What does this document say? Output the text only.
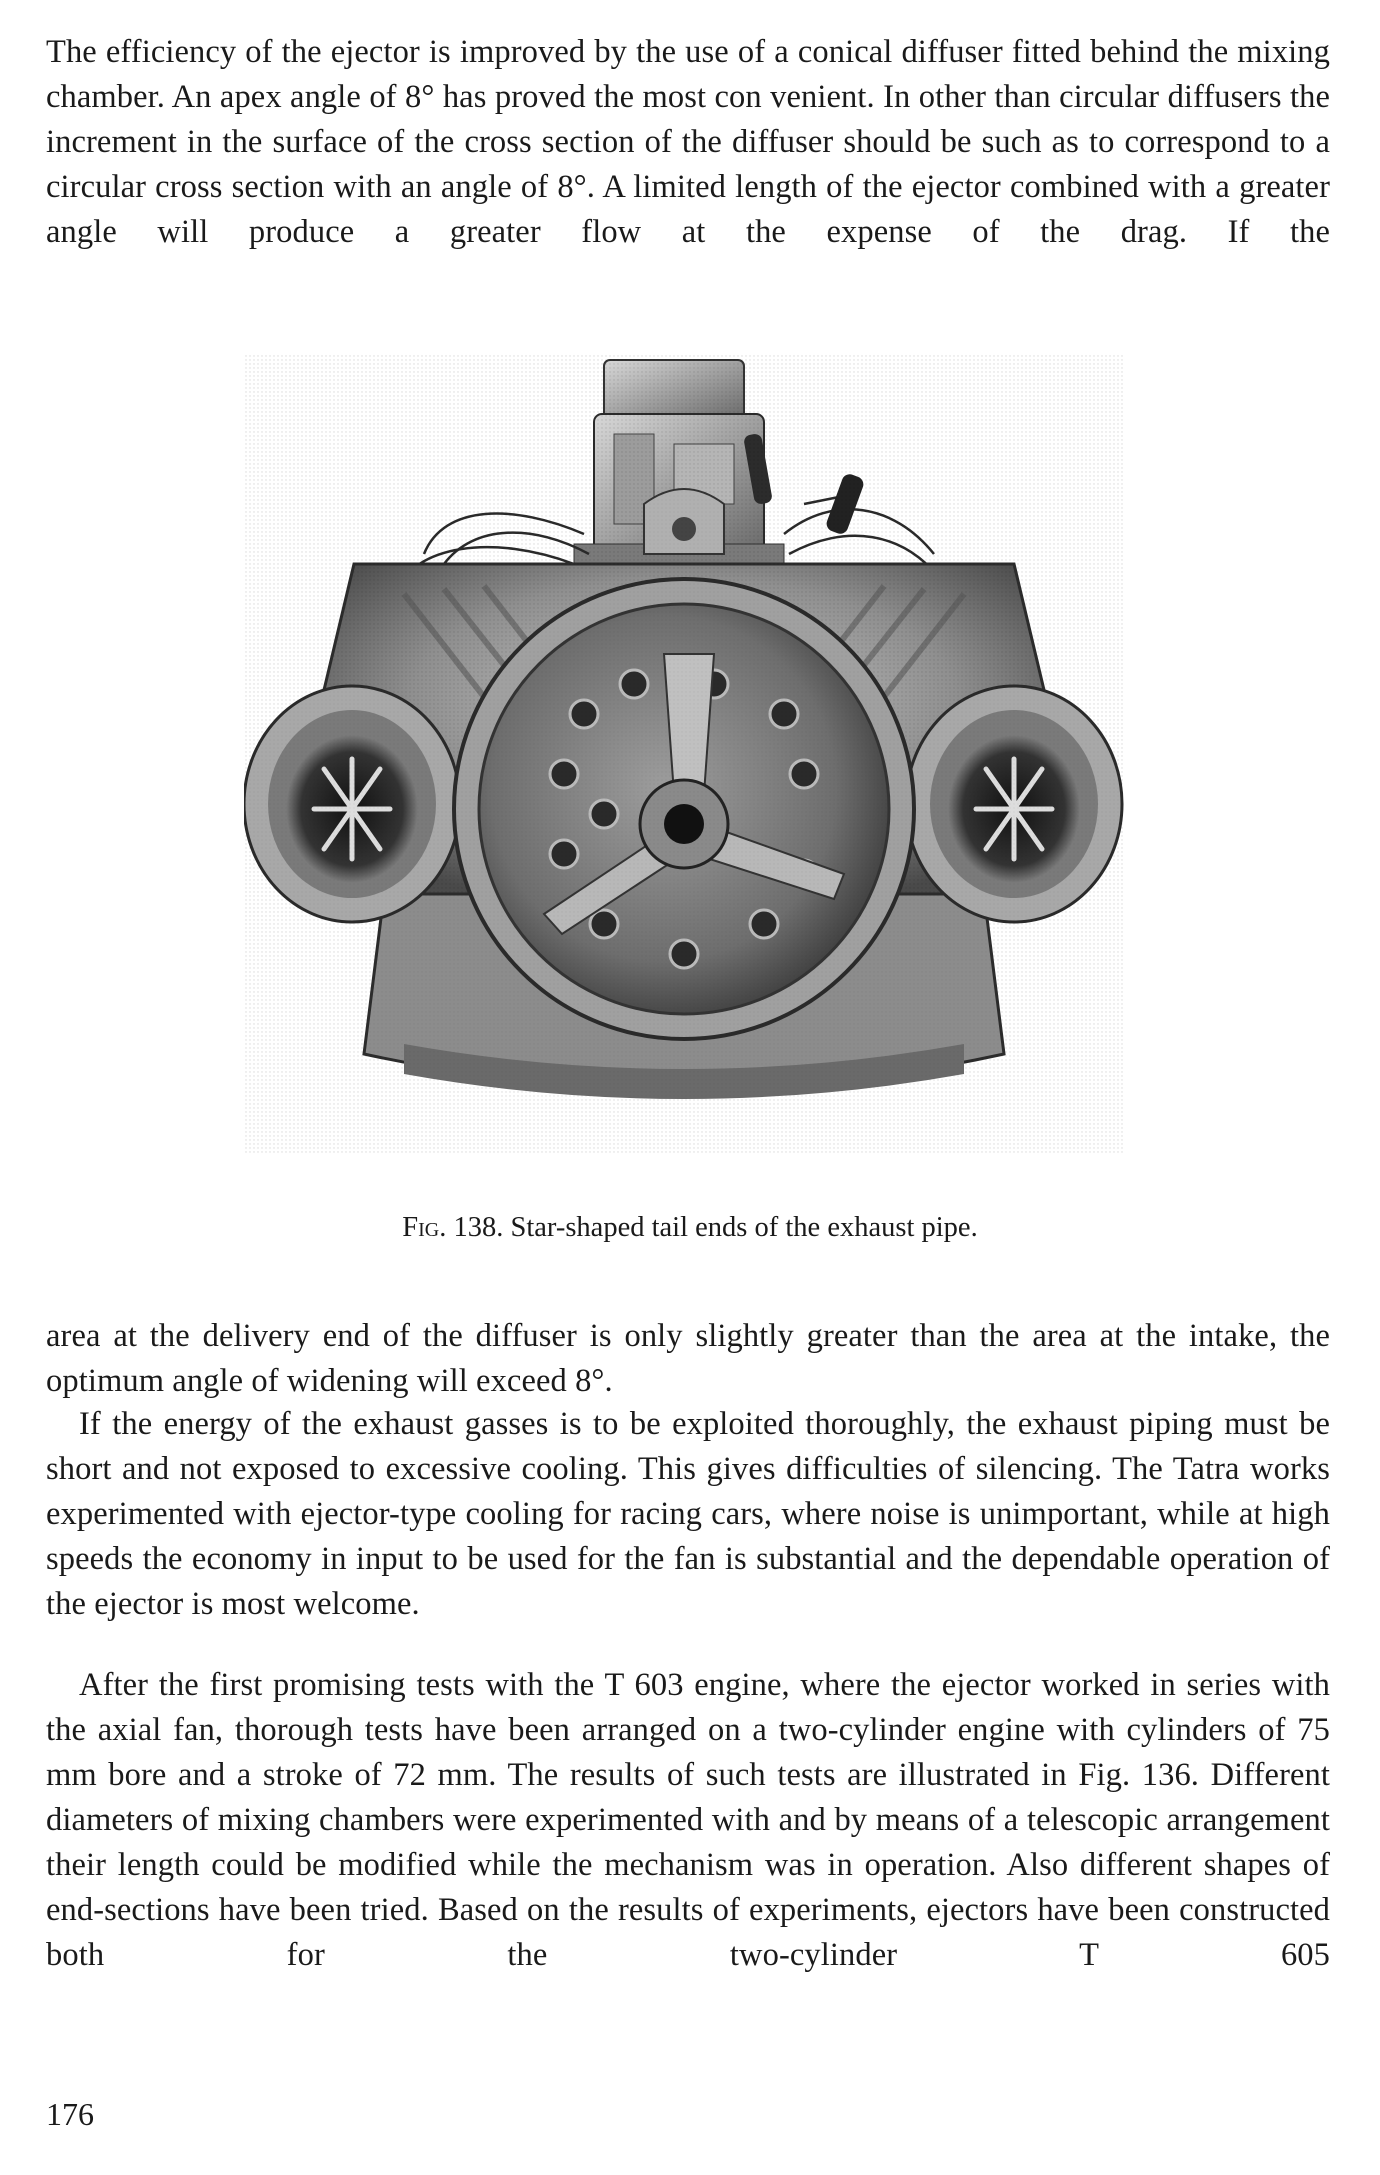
The efficiency of the ejector is improved by the use of a conical diffuser fitted behind the mixing chamber. An apex angle of 8° has proved the most con venient. In other than circular diffusers the increment in the surface of the cross section of the diffuser should be such as to correspond to a circular cross section with an angle of 8°. A limited length of the ejector combined with a greater angle will produce a greater flow at the expense of the drag. If the

Fig. 138. Star-shaped tail ends of the exhaust pipe.

area at the delivery end of the diffuser is only slightly greater than the area at the intake, the optimum angle of widening will exceed 8°.

If the energy of the exhaust gasses is to be exploited thoroughly, the exhaust piping must be short and not exposed to excessive cooling. This gives difficulties of silencing. The Tatra works experimented with ejector-type cooling for racing cars, where noise is unimportant, while at high speeds the economy in input to be used for the fan is substantial and the dependable operation of the ejector is most welcome.

After the first promising tests with the T 603 engine, where the ejector worked in series with the axial fan, thorough tests have been arranged on a two-cylinder engine with cylinders of 75 mm bore and a stroke of 72 mm. The results of such tests are illustrated in Fig. 136. Different diameters of mixing chambers were experimented with and by means of a telescopic arrangement their length could be modified while the mechanism was in operation. Also different shapes of end-sections have been tried. Based on the results of experiments, ejectors have been constructed both for the two-cylinder T 605

176
